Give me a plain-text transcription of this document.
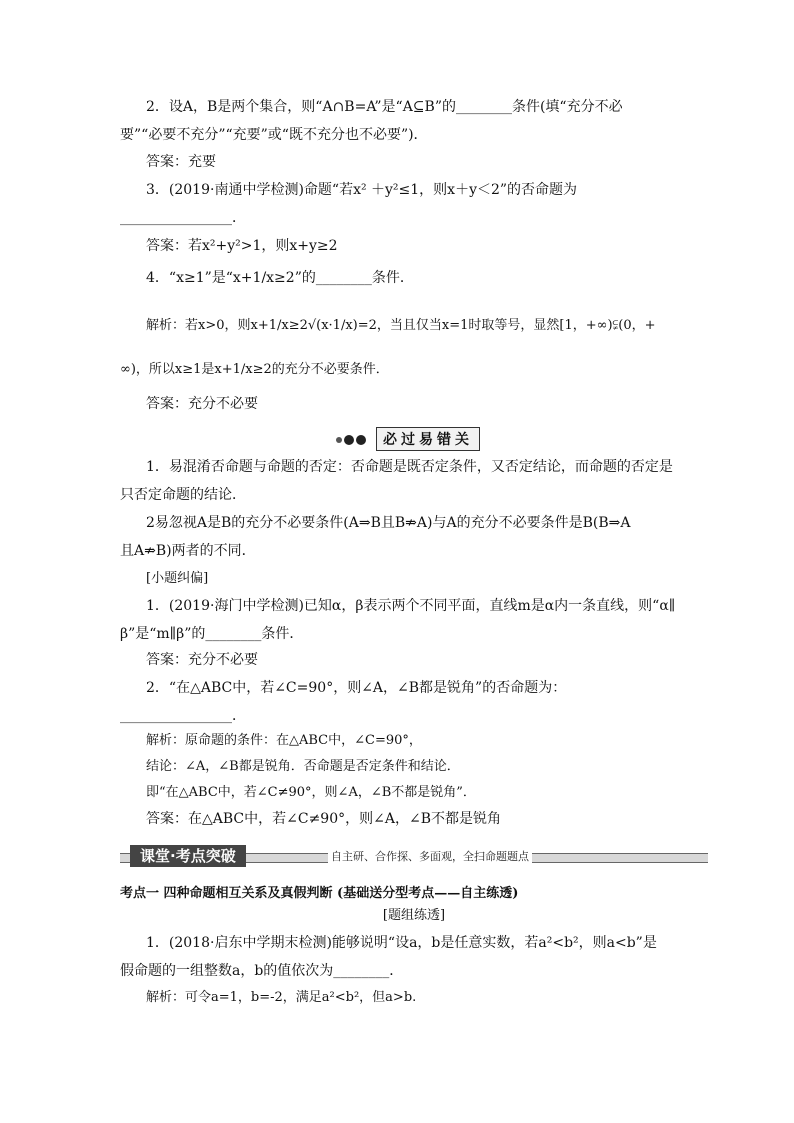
2．设A，B是两个集合，则“A∩B=A”是“A⊆B”的________条件(填“充分不必
要”“必要不充分”“充要”或“既不充分也不必要”)．
答案：充要
3．(2019·南通中学检测)命题“若x² ＋y²≤1，则x＋y＜2”的否命题为
________________．
答案：若x²+y²>1，则x+y≥2
4．“x≥1”是“x+1/x≥2”的________条件．
解析：若x>0，则x+1/x≥2√(x·1/x)=2，当且仅当x=1时取等号，显然[1，+∞)⫋(0，+
∞)，所以x≥1是x+1/x≥2的充分不必要条件．
答案：充分不必要
必过易错关
1．易混淆否命题与命题的否定：否命题是既否定条件，又否定结论，而命题的否定是
只否定命题的结论．
2易忽视A是B的充分不必要条件(A⇒B且B⇏A)与A的充分不必要条件是B(B⇒A
且A⇏B)两者的不同．
[小题纠偏]
1．(2019·海门中学检测)已知α，β表示两个不同平面，直线m是α内一条直线，则“α∥
β”是“m∥β”的________条件．
答案：充分不必要
2．“在△ABC中，若∠C=90°，则∠A，∠B都是锐角”的否命题为：
________________．
解析：原命题的条件：在△ABC中，∠C=90°，
结论：∠A，∠B都是锐角．否命题是否定条件和结论．
即“在△ABC中，若∠C≠90°，则∠A，∠B不都是锐角”．
答案：在△ABC中，若∠C≠90°，则∠A，∠B不都是锐角
课堂·考点突破	自主研、合作探、多面观，全扫命题题点
考点一 四种命题相互关系及真假判断 (基础送分型考点——自主练透)
[题组练透]
1．(2018·启东中学期末检测)能够说明“设a，b是任意实数，若a²<b²，则a<b”是
假命题的一组整数a，b的值依次为________．
解析：可令a=1，b=-2，满足a²<b²，但a>b.
